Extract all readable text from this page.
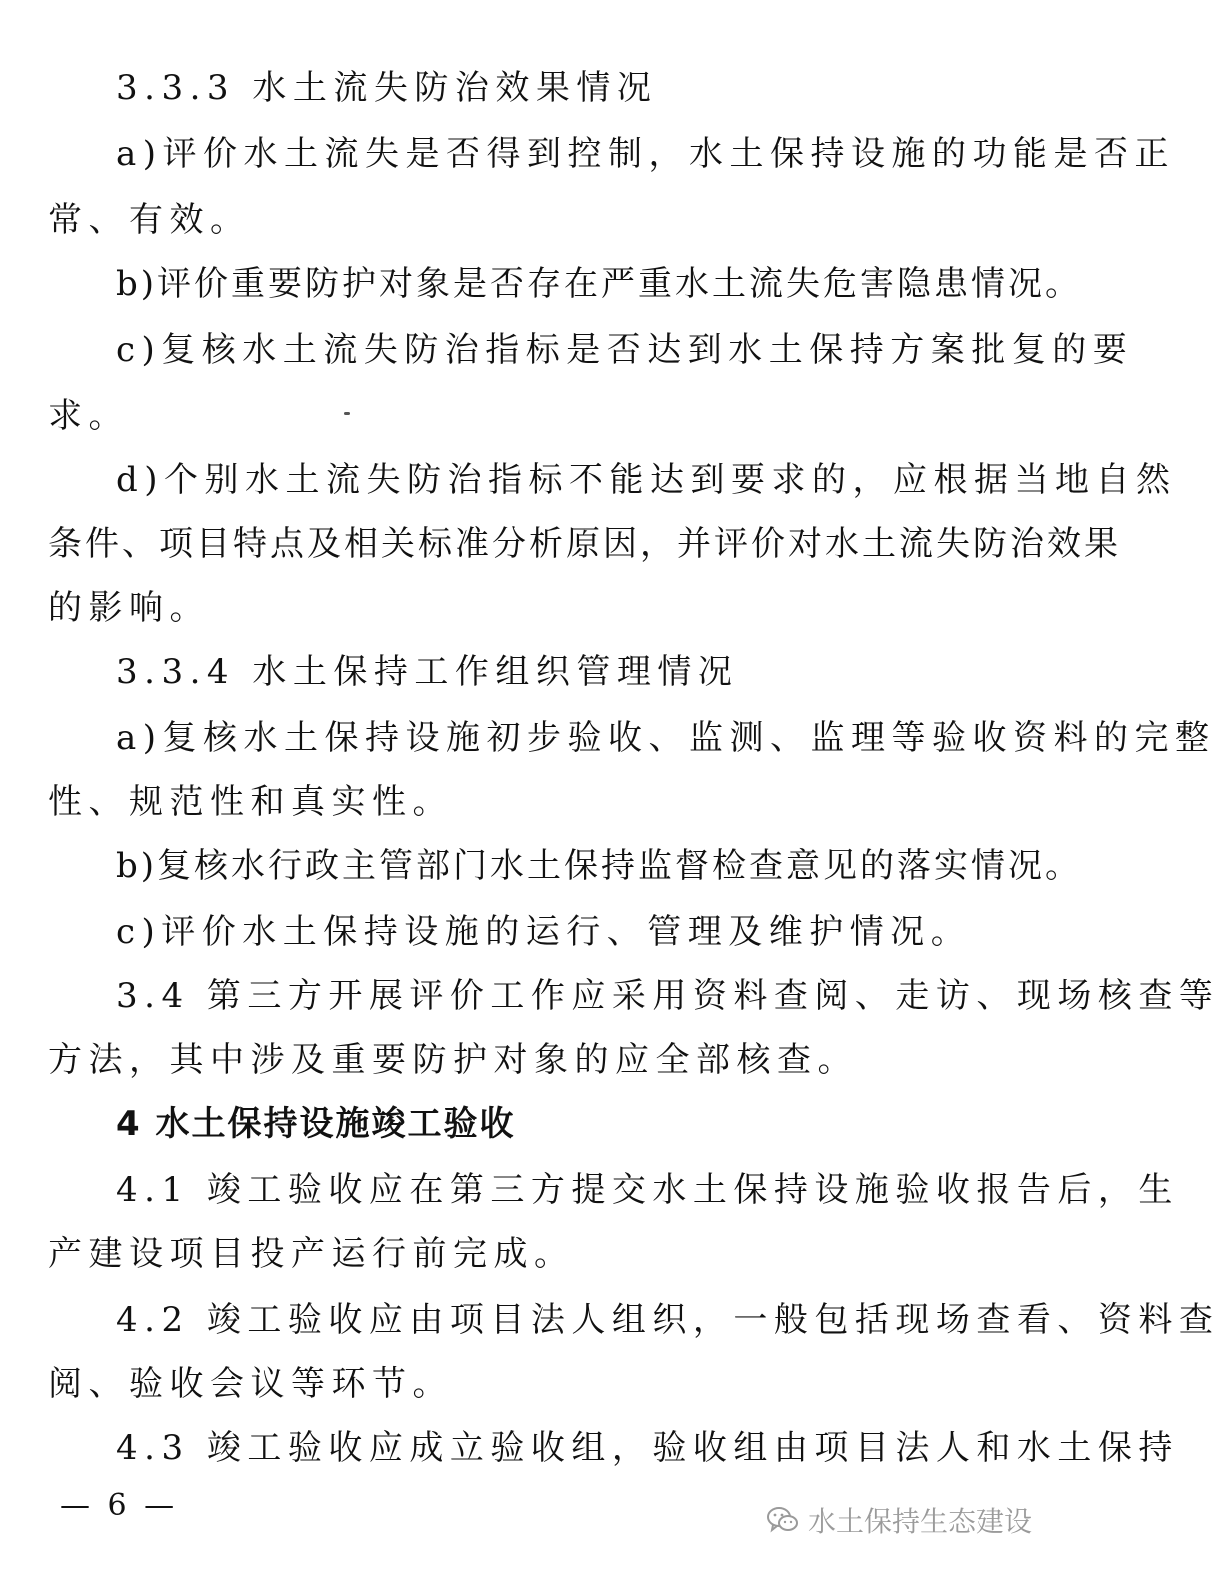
3.3.3 水土流失防治效果情况
a)评价水土流失是否得到控制，水土保持设施的功能是否正
常、有效。
b)评价重要防护对象是否存在严重水土流失危害隐患情况。
c)复核水土流失防治指标是否达到水土保持方案批复的要
求。
d)个别水土流失防治指标不能达到要求的，应根据当地自然
条件、项目特点及相关标准分析原因，并评价对水土流失防治效果
的影响。
3.3.4 水土保持工作组织管理情况
a)复核水土保持设施初步验收、监测、监理等验收资料的完整
性、规范性和真实性。
b)复核水行政主管部门水土保持监督检查意见的落实情况。
c)评价水土保持设施的运行、管理及维护情况。
3.4 第三方开展评价工作应采用资料查阅、走访、现场核查等
方法，其中涉及重要防护对象的应全部核查。
4 水土保持设施竣工验收
4.1 竣工验收应在第三方提交水土保持设施验收报告后，生
产建设项目投产运行前完成。
4.2 竣工验收应由项目法人组织，一般包括现场查看、资料查
阅、验收会议等环节。
4.3 竣工验收应成立验收组，验收组由项目法人和水土保持
— 6 —	水土保持生态建设
